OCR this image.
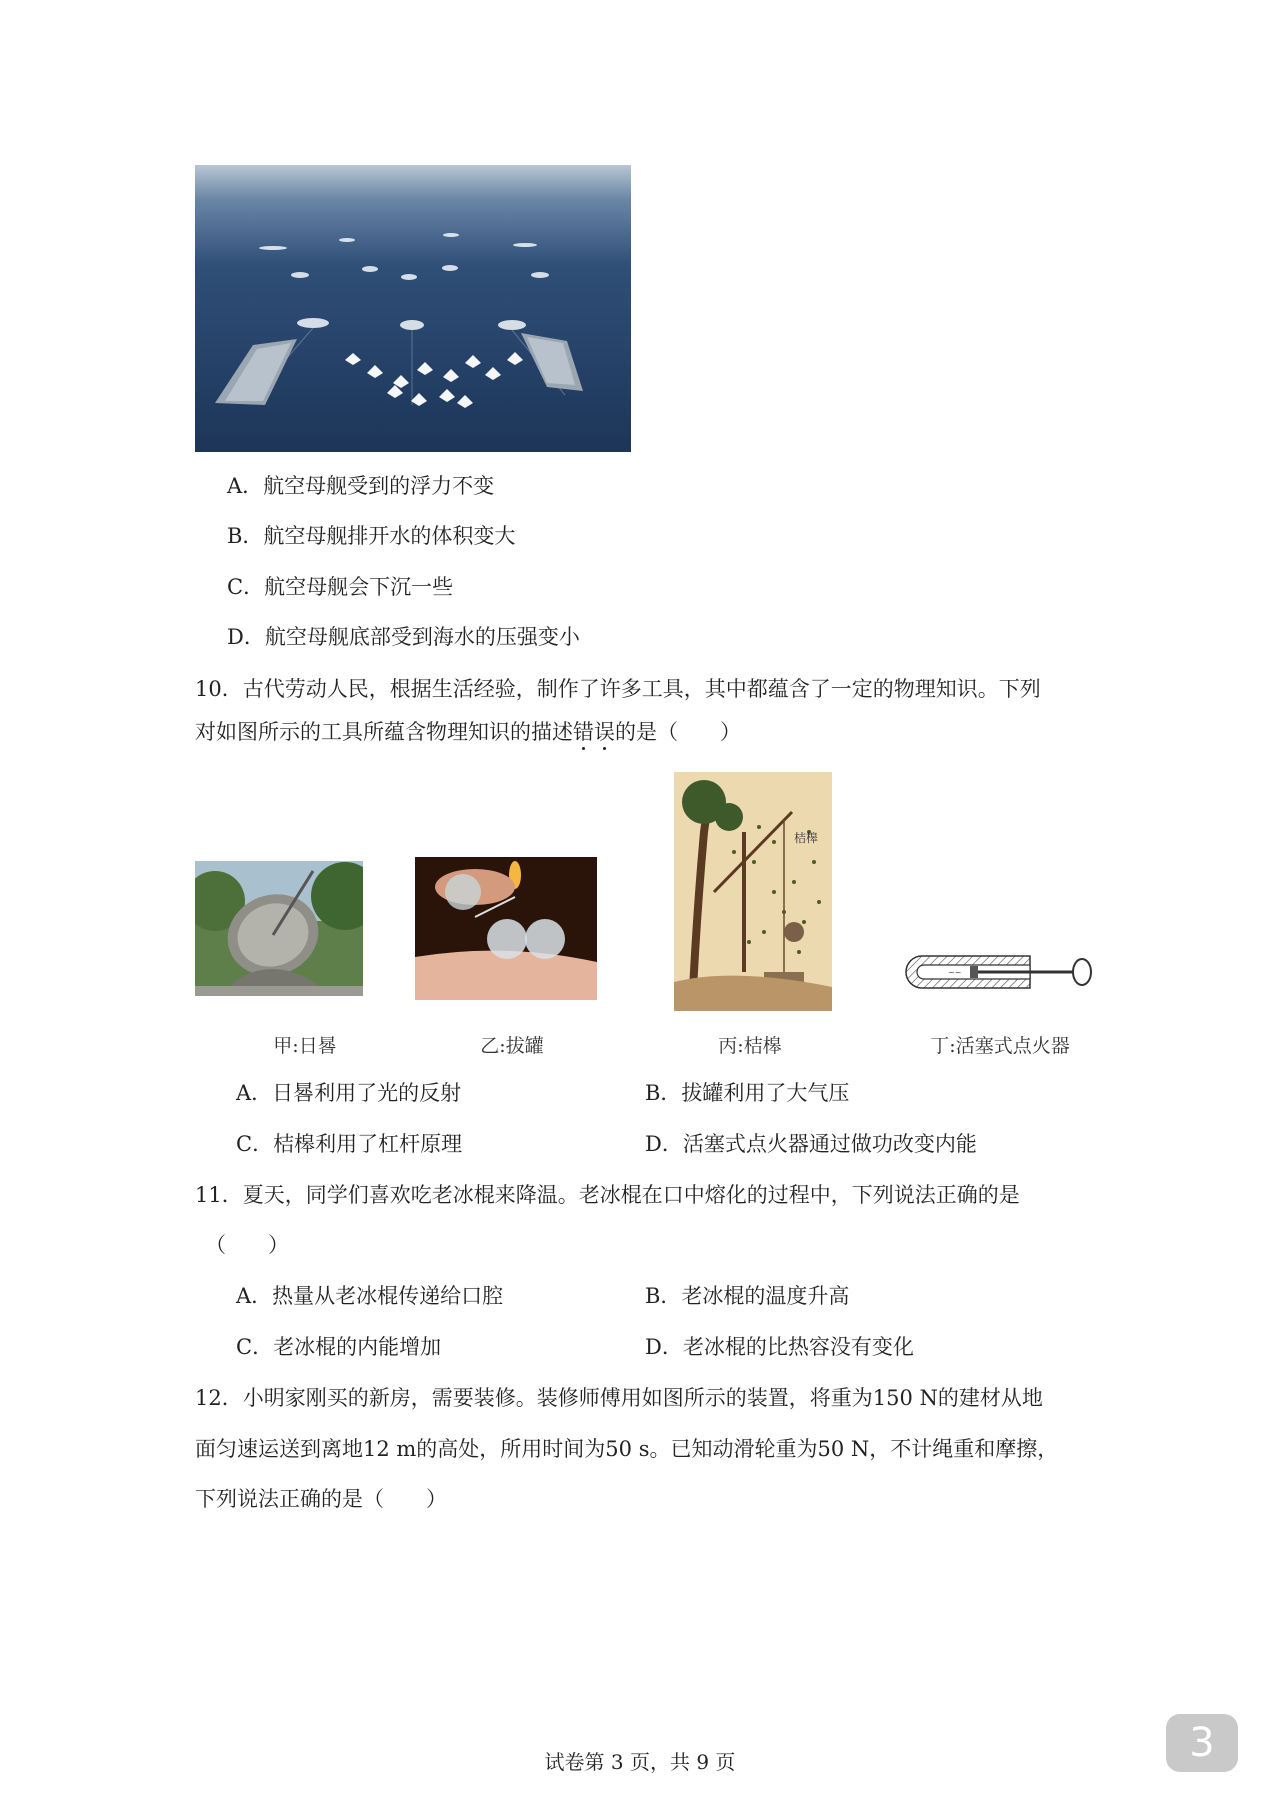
A．航空母舰受到的浮力不变
B．航空母舰排开水的体积变大
C．航空母舰会下沉一些
D．航空母舰底部受到海水的压强变小
10．古代劳动人民，根据生活经验，制作了许多工具，其中都蕴含了一定的物理知识。下列
对如图所示的工具所蕴含物理知识的描述错误的是（　　）
桔槔
~~
甲:日晷	乙:拔罐	丙:桔槔	丁:活塞式点火器
A．日晷利用了光的反射	B．拔罐利用了大气压
C．桔槔利用了杠杆原理	D．活塞式点火器通过做功改变内能
11．夏天，同学们喜欢吃老冰棍来降温。老冰棍在口中熔化的过程中，下列说法正确的是
（　　）
A．热量从老冰棍传递给口腔	B．老冰棍的温度升高
C．老冰棍的内能增加	D．老冰棍的比热容没有变化
12．小明家刚买的新房，需要装修。装修师傅用如图所示的装置，将重为150 N的建材从地
面匀速运送到离地12 m的高处，所用时间为50 s。已知动滑轮重为50 N，不计绳重和摩擦，
下列说法正确的是（　　）
试卷第 3 页，共 9 页	3
